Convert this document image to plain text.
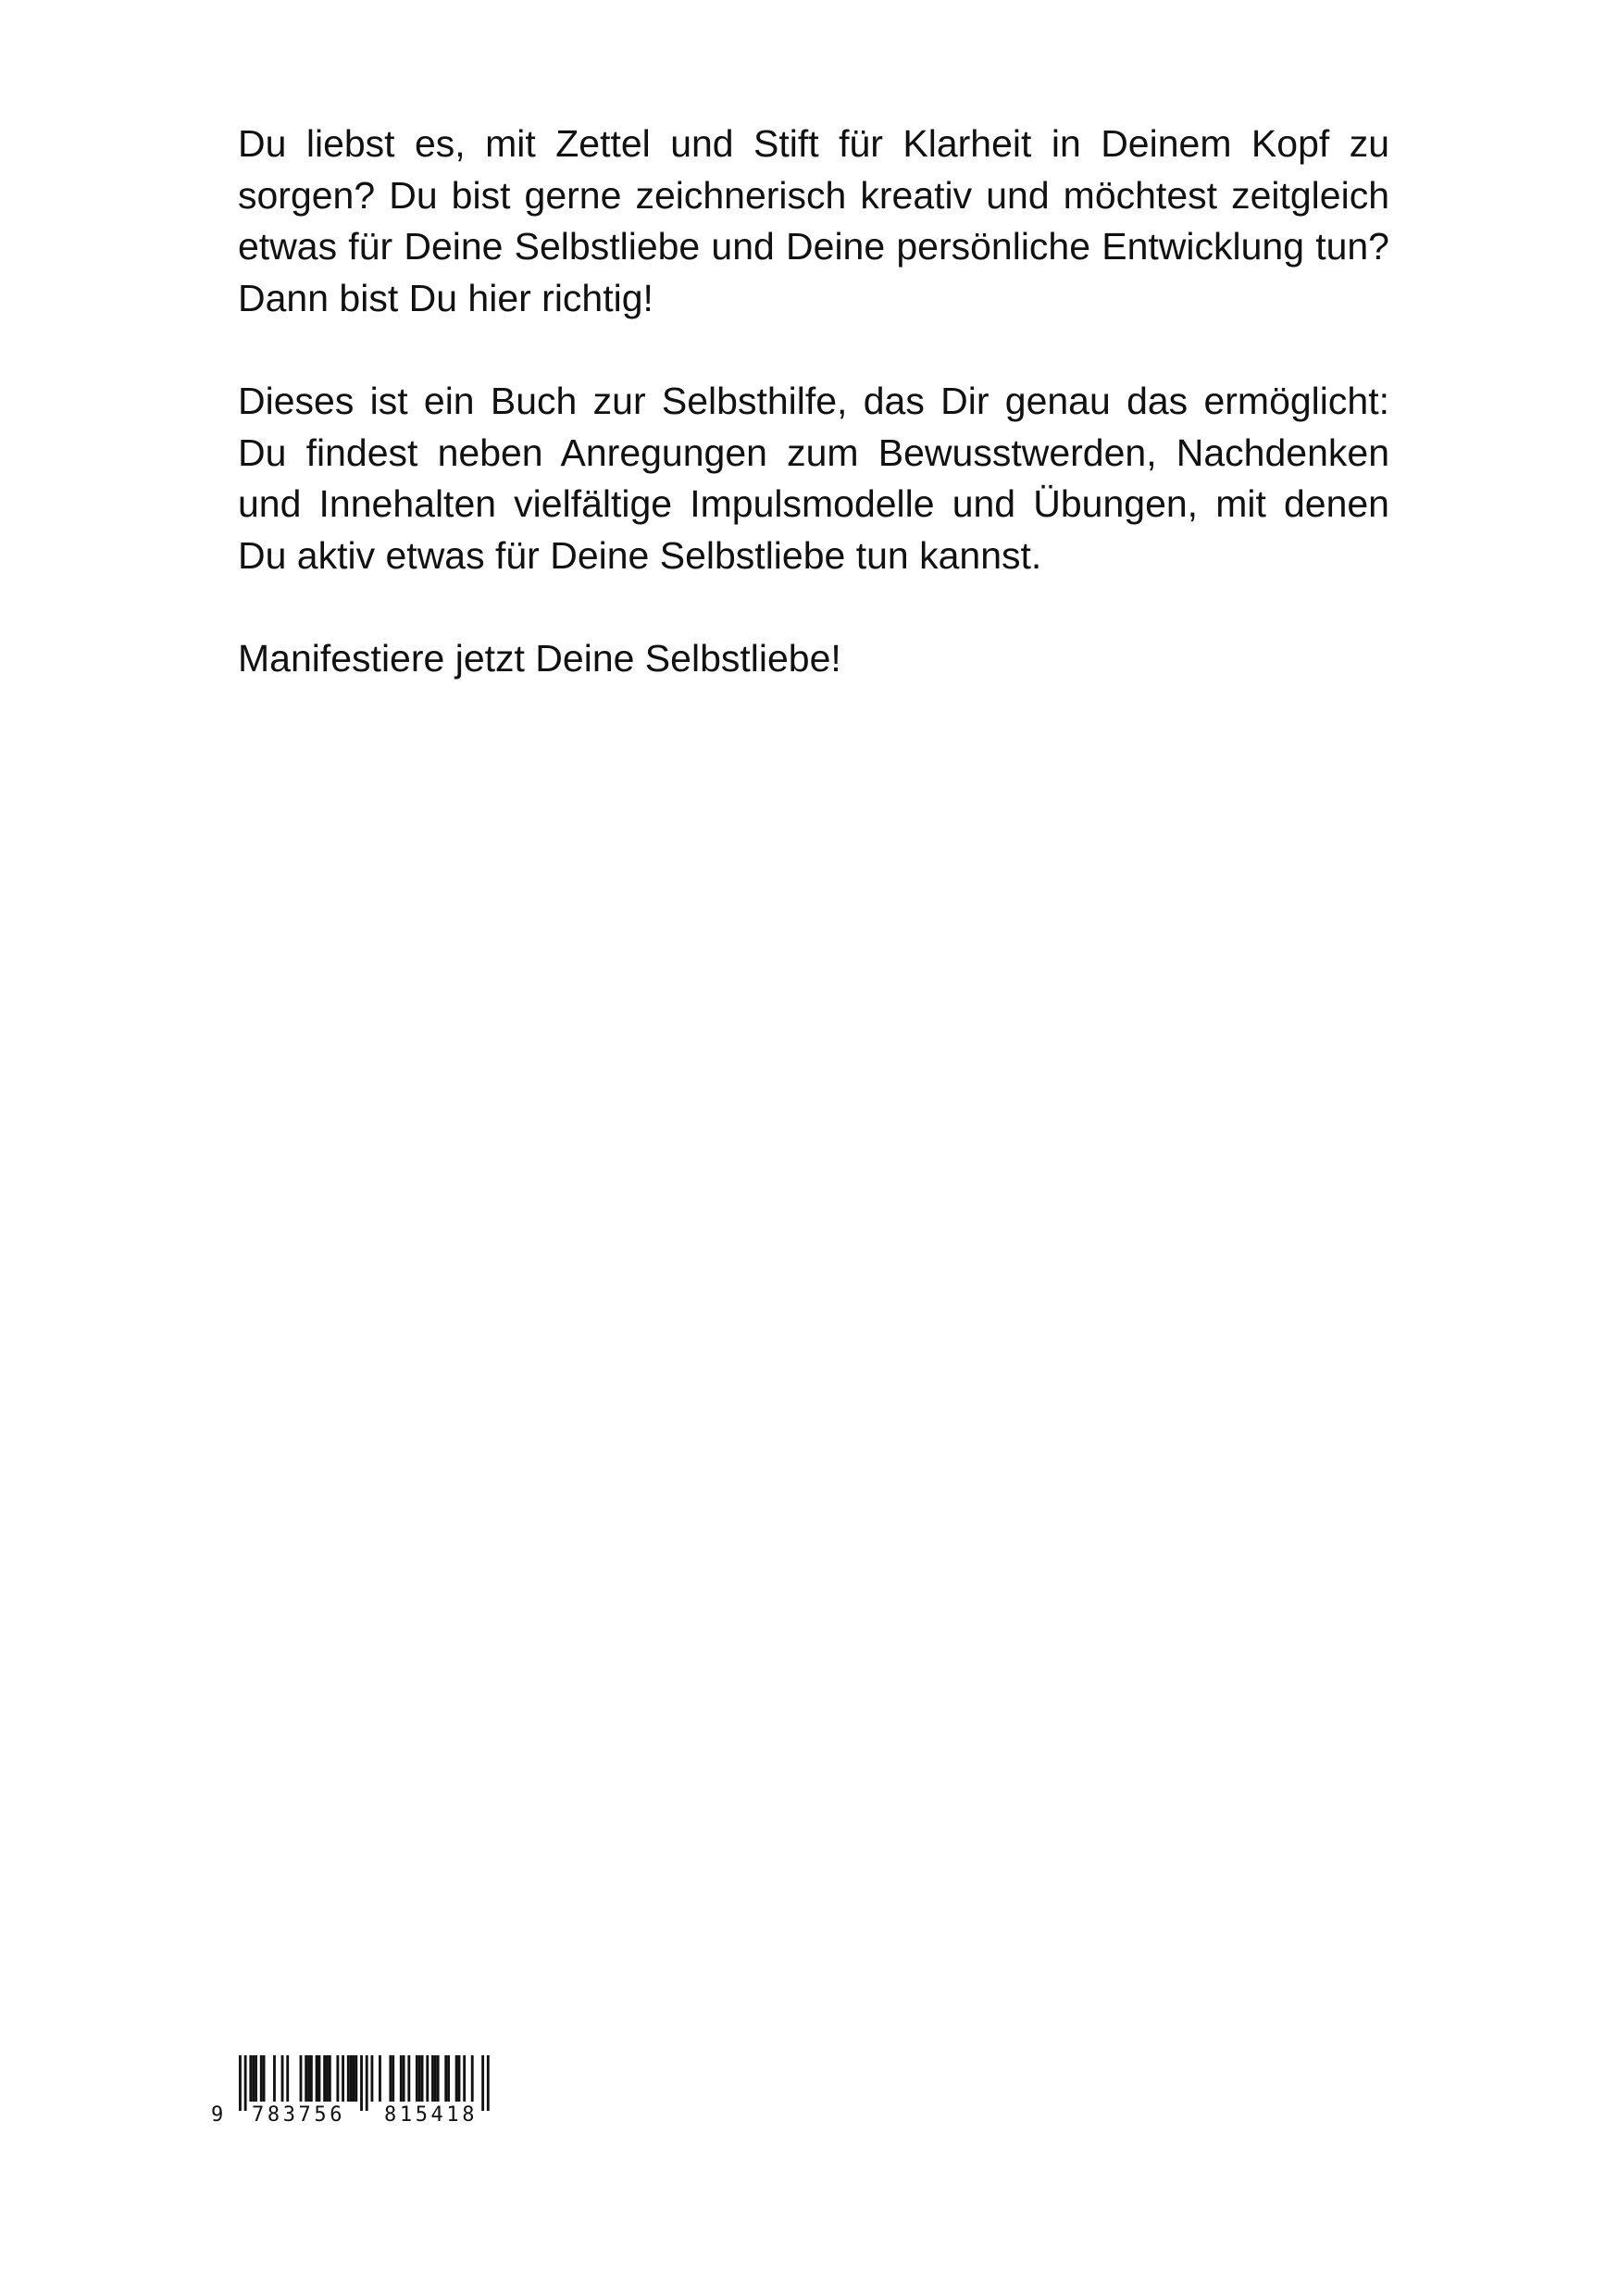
Du liebst es, mit Zettel und Stift für Klarheit in Deinem Kopf zu sorgen? Du bist gerne zeichnerisch kreativ und möchtest zeitgleich etwas für Deine Selbstliebe und Deine persönliche Entwicklung tun? Dann bist Du hier richtig!

Dieses ist ein Buch zur Selbsthilfe, das Dir genau das ermöglicht: Du findest neben Anregungen zum Bewusstwerden, Nachdenken und Innehalten vielfältige Impulsmodelle und Übungen, mit denen Du aktiv etwas für Deine Selbstliebe tun kannst.

Manifestiere jetzt Deine Selbstliebe!

9 783756 815418
